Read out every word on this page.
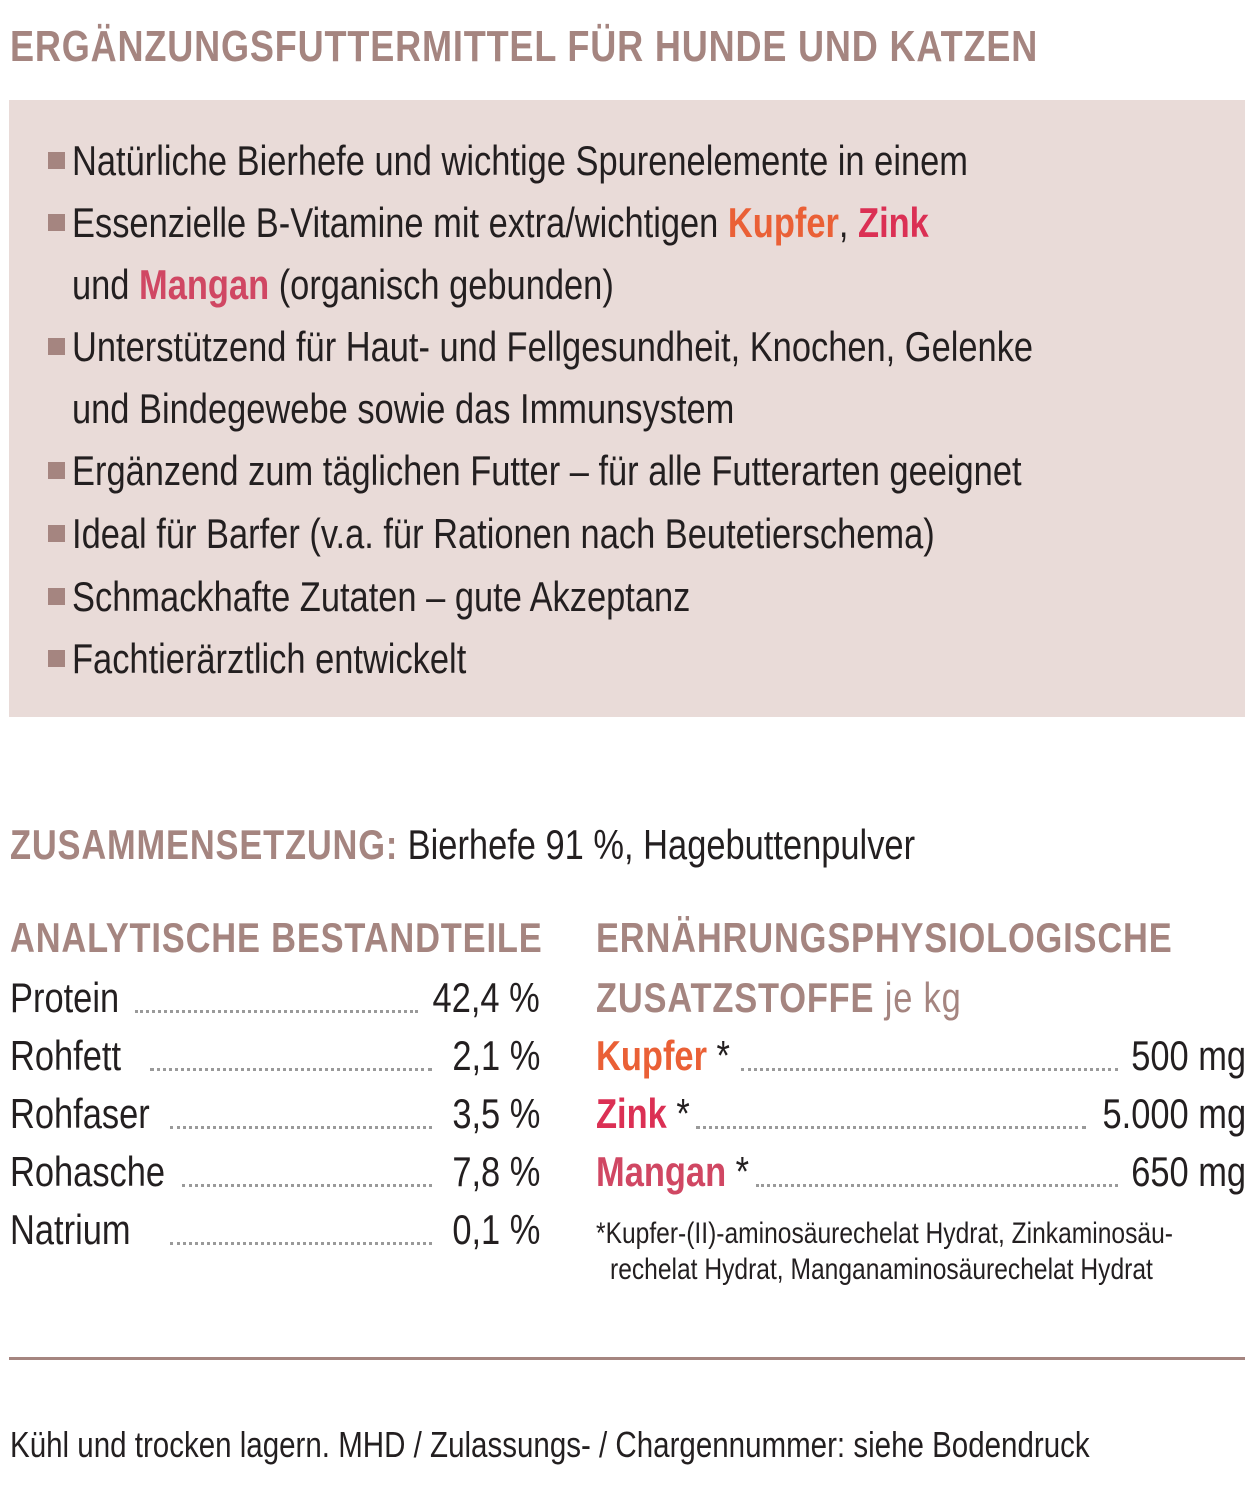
ERGÄNZUNGSFUTTERMITTEL FÜR HUNDE UND KATZEN
Natürliche Bierhefe und wichtige Spurenelemente in einem
Essenzielle B-Vitamine mit extra/wichtigen Kupfer, Zink
und Mangan (organisch gebunden)
Unterstützend für Haut- und Fellgesundheit, Knochen, Gelenke
und Bindegewebe sowie das Immunsystem
Ergänzend zum täglichen Futter – für alle Futterarten geeignet
Ideal für Barfer (v.a. für Rationen nach Beutetierschema)
Schmackhafte Zutaten – gute Akzeptanz
Fachtierärztlich entwickelt
ZUSAMMENSETZUNG: Bierhefe 91 %, Hagebuttenpulver
ANALYTISCHE BESTANDTEILE
Protein	42,4 %
Rohfett	2,1 %
Rohfaser	3,5 %
Rohasche	7,8 %
Natrium	0,1 %
ERNÄHRUNGSPHYSIOLOGISCHE
ZUSATZSTOFFE je kg
Kupfer *	500 mg
Zink *	5.000 mg
Mangan *	650 mg
*Kupfer-(II)-aminosäurechelat Hydrat, Zinkaminosäu-
rechelat Hydrat, Manganaminosäurechelat Hydrat
Kühl und trocken lagern. MHD / Zulassungs- / Chargennummer: siehe Bodendruck
